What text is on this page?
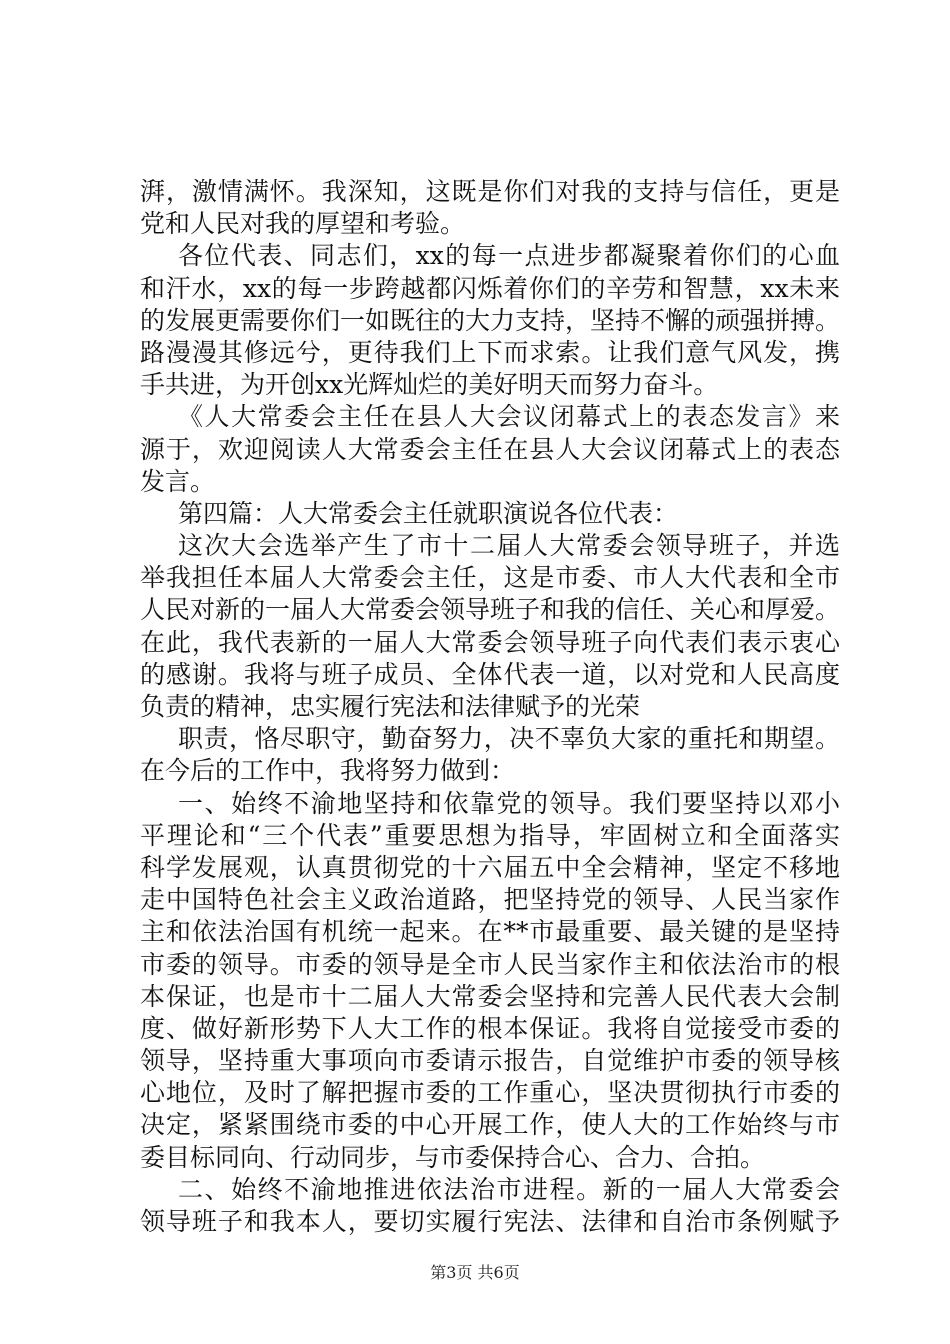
湃，激情满怀。我深知，这既是你们对我的支持与信任，更是
党和人民对我的厚望和考验。
各位代表、同志们，xx的每一点进步都凝聚着你们的心血
和汗水，xx的每一步跨越都闪烁着你们的辛劳和智慧，xx未来
的发展更需要你们一如既往的大力支持，坚持不懈的顽强拼搏。
路漫漫其修远兮，更待我们上下而求索。让我们意气风发，携
手共进，为开创xx光辉灿烂的美好明天而努力奋斗。
《人大常委会主任在县人大会议闭幕式上的表态发言》来
源于，欢迎阅读人大常委会主任在县人大会议闭幕式上的表态
发言。
第四篇：人大常委会主任就职演说各位代表：
这次大会选举产生了市十二届人大常委会领导班子，并选
举我担任本届人大常委会主任，这是市委、市人大代表和全市
人民对新的一届人大常委会领导班子和我的信任、关心和厚爱。
在此，我代表新的一届人大常委会领导班子向代表们表示衷心
的感谢。我将与班子成员、全体代表一道，以对党和人民高度
负责的精神，忠实履行宪法和法律赋予的光荣
职责，恪尽职守，勤奋努力，决不辜负大家的重托和期望。
在今后的工作中，我将努力做到：
一、始终不渝地坚持和依靠党的领导。我们要坚持以邓小
平理论和“三个代表”重要思想为指导，牢固树立和全面落实
科学发展观，认真贯彻党的十六届五中全会精神，坚定不移地
走中国特色社会主义政治道路，把坚持党的领导、人民当家作
主和依法治国有机统一起来。在**市最重要、最关键的是坚持
市委的领导。市委的领导是全市人民当家作主和依法治市的根
本保证，也是市十二届人大常委会坚持和完善人民代表大会制
度、做好新形势下人大工作的根本保证。我将自觉接受市委的
领导，坚持重大事项向市委请示报告，自觉维护市委的领导核
心地位，及时了解把握市委的工作重心，坚决贯彻执行市委的
决定，紧紧围绕市委的中心开展工作，使人大的工作始终与市
委目标同向、行动同步，与市委保持合心、合力、合拍。
二、始终不渝地推进依法治市进程。新的一届人大常委会
领导班子和我本人，要切实履行宪法、法律和自治市条例赋予
第3页 共6页
